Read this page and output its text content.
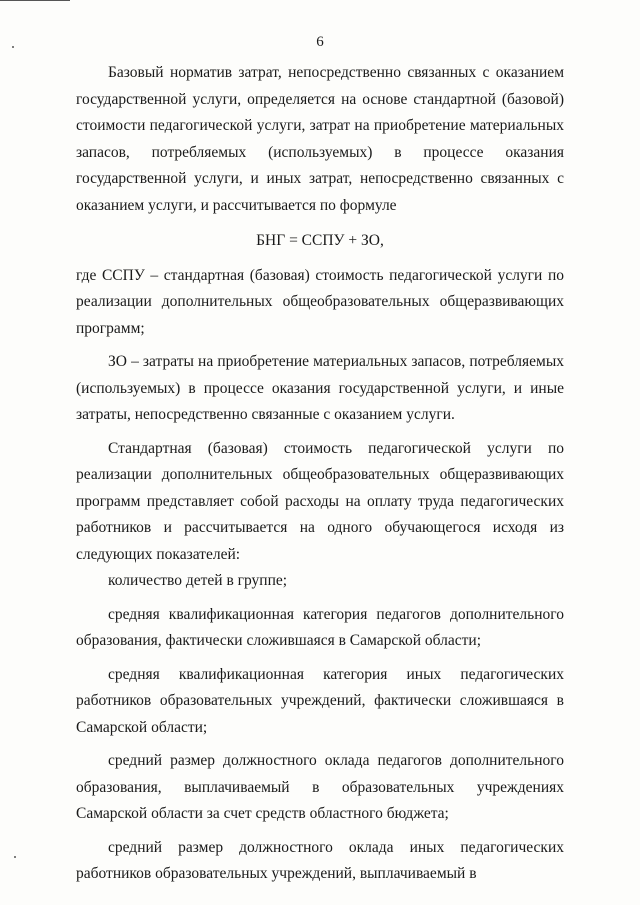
6

Базовый норматив затрат, непосредственно связанных с оказанием государственной услуги, определяется на основе стандартной (базовой) стоимости педагогической услуги, затрат на приобретение материальных запасов, потребляемых (используемых) в процессе оказания государственной услуги, и иных затрат, непосредственно связанных с оказанием услуги, и рассчитывается по формуле

БНГ = ССПУ + ЗО,

где ССПУ – стандартная (базовая) стоимость педагогической услуги по реализации дополнительных общеобразовательных общеразвивающих программ;

ЗО – затраты на приобретение материальных запасов, потребляемых (используемых) в процессе оказания государственной услуги, и иные затраты, непосредственно связанные с оказанием услуги.

Стандартная (базовая) стоимость педагогической услуги по реализации дополнительных общеобразовательных общеразвивающих программ представляет собой расходы на оплату труда педагогических работников и рассчитывается на одного обучающегося исходя из следующих показателей:

количество детей в группе;

средняя квалификационная категория педагогов дополнительного образования, фактически сложившаяся в Самарской области;

средняя квалификационная категория иных педагогических работников образовательных учреждений, фактически сложившаяся в Самарской области;

средний размер должностного оклада педагогов дополнительного образования, выплачиваемый в образовательных учреждениях Самарской области за счет средств областного бюджета;

средний размер должностного оклада иных педагогических работников образовательных учреждений, выплачиваемый в
